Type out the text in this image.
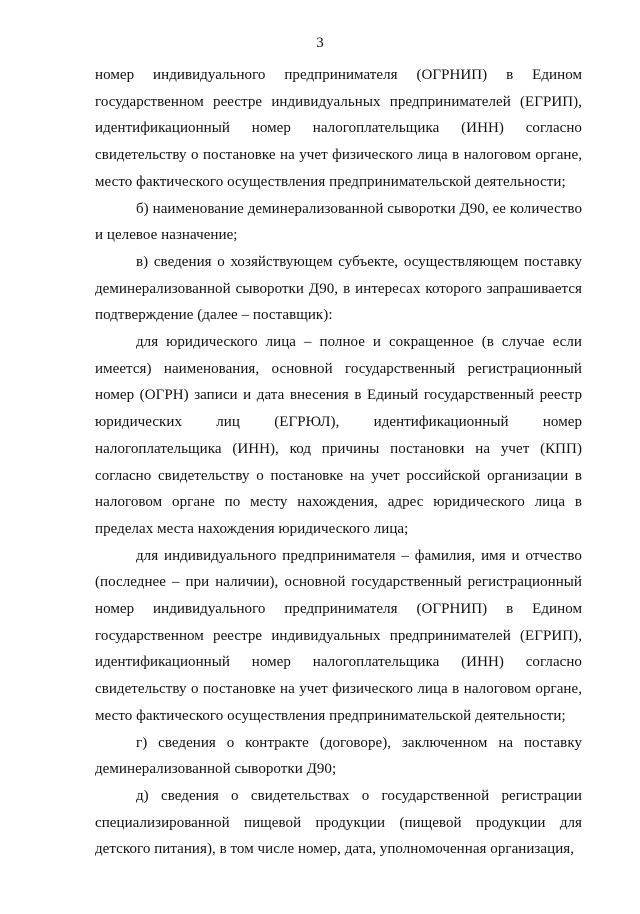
3

номер индивидуального предпринимателя (ОГРНИП) в Едином государственном реестре индивидуальных предпринимателей (ЕГРИП), идентификационный номер налогоплательщика (ИНН) согласно свидетельству о постановке на учет физического лица в налоговом органе, место фактического осуществления предпринимательской деятельности;

б) наименование деминерализованной сыворотки Д90, ее количество и целевое назначение;

в) сведения о хозяйствующем субъекте, осуществляющем поставку деминерализованной сыворотки Д90, в интересах которого запрашивается подтверждение (далее – поставщик):

для юридического лица – полное и сокращенное (в случае если имеется) наименования, основной государственный регистрационный номер (ОГРН) записи и дата внесения в Единый государственный реестр юридических лиц (ЕГРЮЛ), идентификационный номер налогоплательщика (ИНН), код причины постановки на учет (КПП) согласно свидетельству о постановке на учет российской организации в налоговом органе по месту нахождения, адрес юридического лица в пределах места нахождения юридического лица;

для индивидуального предпринимателя – фамилия, имя и отчество (последнее – при наличии), основной государственный регистрационный номер индивидуального предпринимателя (ОГРНИП) в Едином государственном реестре индивидуальных предпринимателей (ЕГРИП), идентификационный номер налогоплательщика (ИНН) согласно свидетельству о постановке на учет физического лица в налоговом органе, место фактического осуществления предпринимательской деятельности;

г) сведения о контракте (договоре), заключенном на поставку деминерализованной сыворотки Д90;

д) сведения о свидетельствах о государственной регистрации специализированной пищевой продукции (пищевой продукции для детского питания), в том числе номер, дата, уполномоченная организация,
